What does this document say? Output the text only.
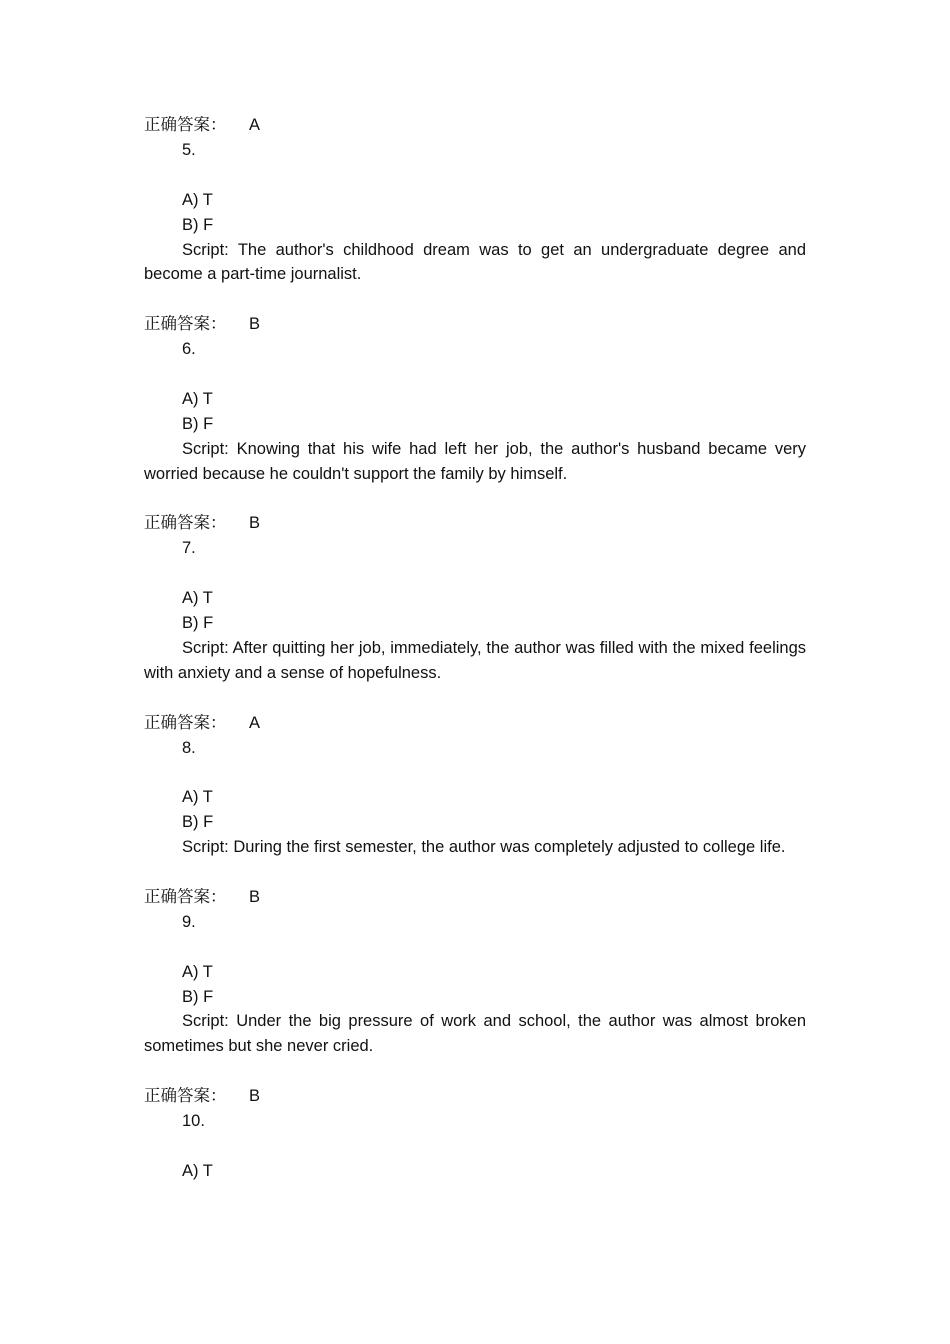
正确答案： A
5.
A) T
B) F
Script: The author's childhood dream was to get an undergraduate degree and become a part-time journalist.
正确答案： B
6.
A) T
B) F
Script: Knowing that his wife had left her job, the author's husband became very worried because he couldn't support the family by himself.
正确答案： B
7.
A) T
B) F
Script: After quitting her job, immediately, the author was filled with the mixed feelings with anxiety and a sense of hopefulness.
正确答案： A
8.
A) T
B) F
Script: During the first semester, the author was completely adjusted to college life.
正确答案： B
9.
A) T
B) F
Script: Under the big pressure of work and school, the author was almost broken sometimes but she never cried.
正确答案： B
10.
A) T
